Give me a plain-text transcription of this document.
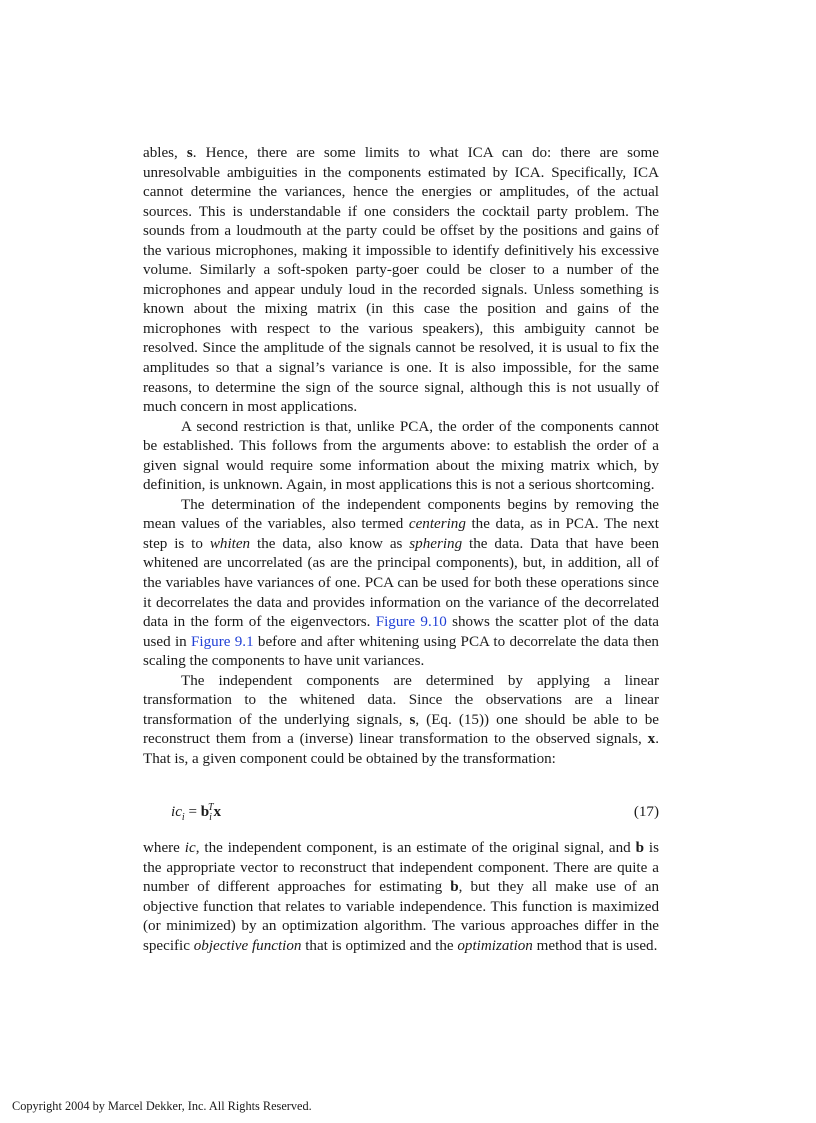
ables, s. Hence, there are some limits to what ICA can do: there are some unresolvable ambiguities in the components estimated by ICA. Specifically, ICA cannot determine the variances, hence the energies or amplitudes, of the actual sources. This is understandable if one considers the cocktail party problem. The sounds from a loudmouth at the party could be offset by the positions and gains of the various microphones, making it impossible to identify definitively his excessive volume. Similarly a soft-spoken party-goer could be closer to a number of the microphones and appear unduly loud in the recorded signals. Unless something is known about the mixing matrix (in this case the position and gains of the microphones with respect to the various speakers), this ambiguity cannot be resolved. Since the amplitude of the signals cannot be resolved, it is usual to fix the amplitudes so that a signal’s variance is one. It is also impossible, for the same reasons, to determine the sign of the source signal, although this is not usually of much concern in most applications.

A second restriction is that, unlike PCA, the order of the components cannot be established. This follows from the arguments above: to establish the order of a given signal would require some information about the mixing matrix which, by definition, is unknown. Again, in most applications this is not a serious shortcoming.

The determination of the independent components begins by removing the mean values of the variables, also termed centering the data, as in PCA. The next step is to whiten the data, also know as sphering the data. Data that have been whitened are uncorrelated (as are the principal components), but, in addition, all of the variables have variances of one. PCA can be used for both these operations since it decorrelates the data and provides information on the variance of the decorrelated data in the form of the eigenvectors. Figure 9.10 shows the scatter plot of the data used in Figure 9.1 before and after whitening using PCA to decorrelate the data then scaling the components to have unit variances.

The independent components are determined by applying a linear transformation to the whitened data. Since the observations are a linear transformation of the underlying signals, s, (Eq. (15)) one should be able to be reconstruct them from a (inverse) linear transformation to the observed signals, x. That is, a given component could be obtained by the transformation:

$ic_i = b_i^Tx$	(17)
where ic, the independent component, is an estimate of the original signal, and b is the appropriate vector to reconstruct that independent component. There are quite a number of different approaches for estimating b, but they all make use of an objective function that relates to variable independence. This function is maximized (or minimized) by an optimization algorithm. The various approaches differ in the specific objective function that is optimized and the optimization method that is used.
Copyright 2004 by Marcel Dekker, Inc. All Rights Reserved.
